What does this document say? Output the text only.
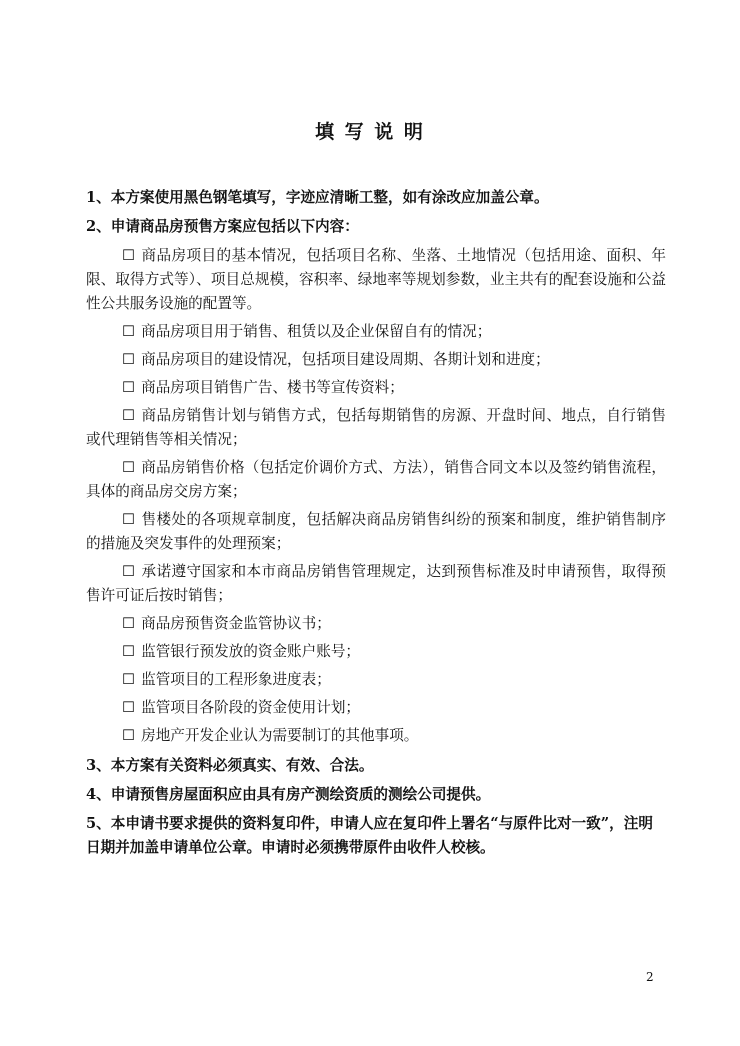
填 写 说 明
1、本方案使用黑色钢笔填写，字迹应清晰工整，如有涂改应加盖公章。
2、申请商品房预售方案应包括以下内容：
☐ 商品房项目的基本情况，包括项目名称、坐落、土地情况（包括用途、面积、年限、取得方式等）、项目总规模，容积率、绿地率等规划参数，业主共有的配套设施和公益性公共服务设施的配置等。
☐ 商品房项目用于销售、租赁以及企业保留自有的情况；
☐ 商品房项目的建设情况，包括项目建设周期、各期计划和进度；
☐ 商品房项目销售广告、楼书等宣传资料；
☐ 商品房销售计划与销售方式，包括每期销售的房源、开盘时间、地点，自行销售或代理销售等相关情况；
☐ 商品房销售价格（包括定价调价方式、方法），销售合同文本以及签约销售流程，具体的商品房交房方案；
☐ 售楼处的各项规章制度，包括解决商品房销售纠纷的预案和制度，维护销售制序的措施及突发事件的处理预案；
☐ 承诺遵守国家和本市商品房销售管理规定，达到预售标准及时申请预售，取得预售许可证后按时销售；
☐ 商品房预售资金监管协议书；
☐ 监管银行预发放的资金账户账号；
☐ 监管项目的工程形象进度表；
☐ 监管项目各阶段的资金使用计划；
☐ 房地产开发企业认为需要制订的其他事项。
3、本方案有关资料必须真实、有效、合法。
4、申请预售房屋面积应由具有房产测绘资质的测绘公司提供。
5、本申请书要求提供的资料复印件，申请人应在复印件上署名“与原件比对一致”，注明日期并加盖申请单位公章。申请时必须携带原件由收件人校核。
2
